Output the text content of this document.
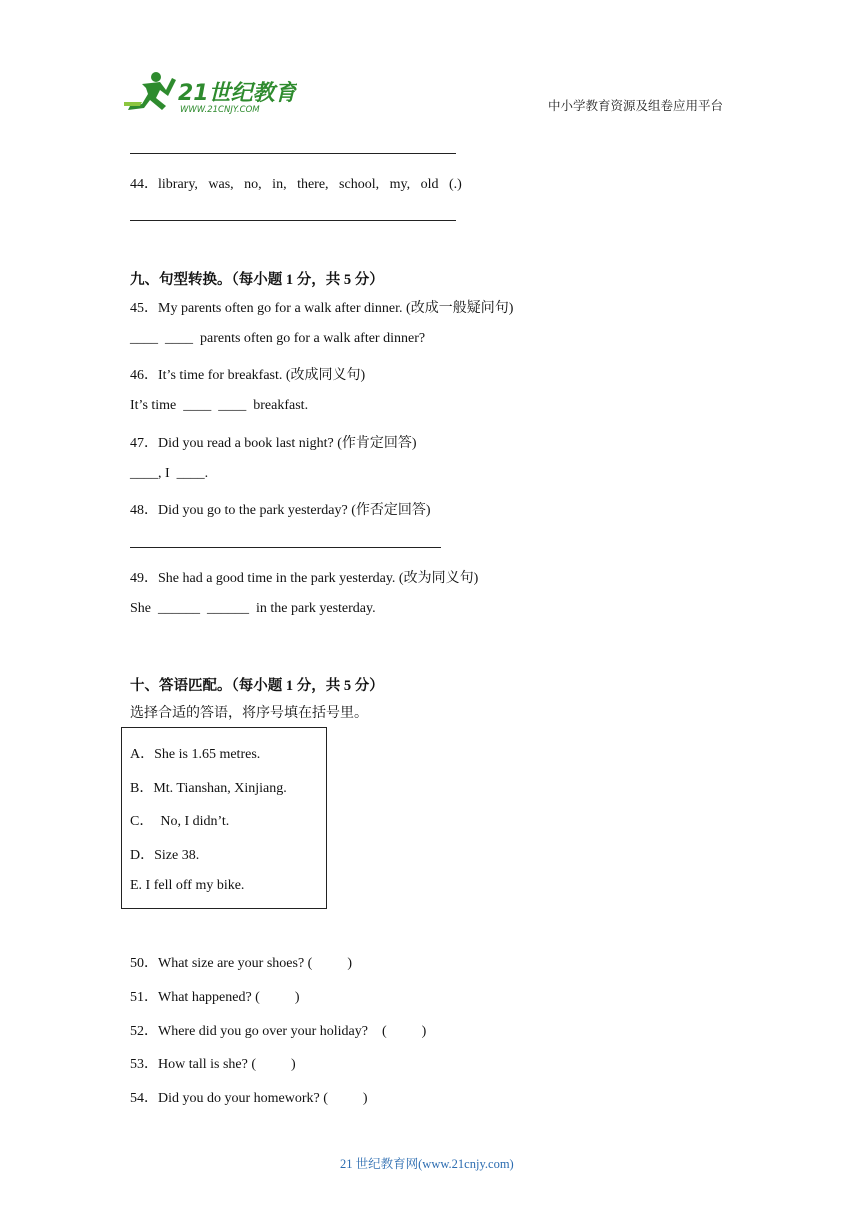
21世纪教育
WWW.21CNJY.COM	中小学教育资源及组卷应用平台
44．library,   was,   no,   in,   there,   school,   my,   old   (.)
九、句型转换。（每小题 1 分，共 5 分）
45．My parents often go for a walk after dinner. (改成一般疑问句)
____  ____  parents often go for a walk after dinner?
46．It’s time for breakfast. (改成同义句)
It’s time  ____  ____  breakfast.
47．Did you read a book last night? (作肯定回答)
____, I  ____.
48．Did you go to the park yesterday? (作否定回答)
49．She had a good time in the park yesterday. (改为同义句)
She  ______  ______  in the park yesterday.
十、答语匹配。（每小题 1 分，共 5 分）
选择合适的答语，将序号填在括号里。
A．She is 1.65 metres.
B．Mt. Tianshan, Xinjiang.
C．  No, I didn’t.
D．Size 38.
E. I fell off my bike.
50．What size are your shoes? (          )
51．What happened? (          )
52．Where did you go over your holiday?    (          )
53．How tall is she? (          )
54．Did you do your homework? (          )
21 世纪教育网(www.21cnjy.com)
